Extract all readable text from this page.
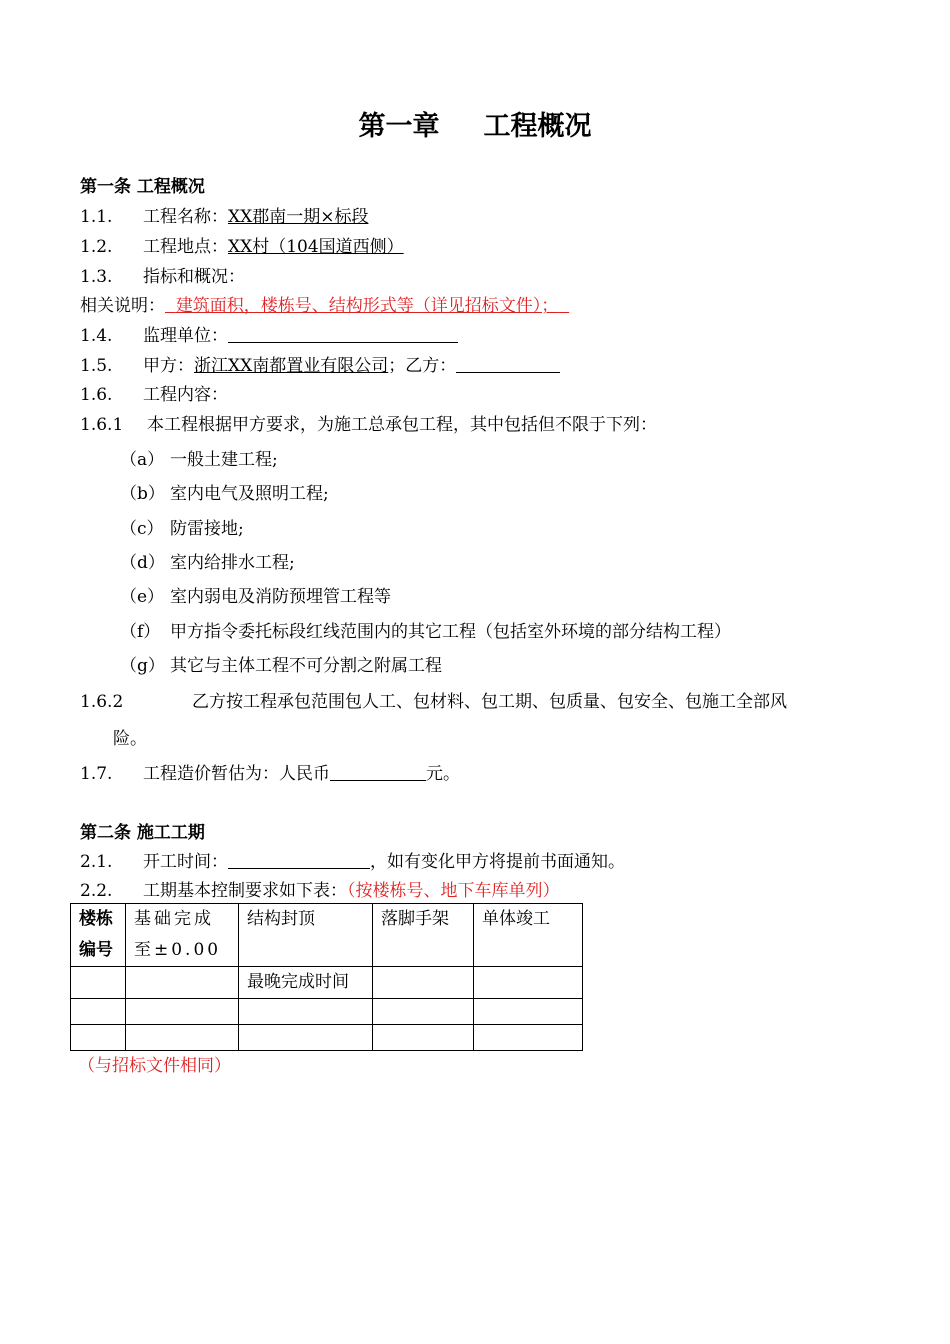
第一章 工程概况
第一条 工程概况
1.1. 工程名称：XX郡南一期×标段
1.2. 工程地点：XX村（104国道西侧）
1.3. 指标和概况：
相关说明： 建筑面积，楼栋号、结构形式等（详见招标文件）；
1.4. 监理单位：
1.5. 甲方：浙江XX南都置业有限公司；乙方：
1.6. 工程内容：
1.6.1 本工程根据甲方要求，为施工总承包工程，其中包括但不限于下列：
（a） 一般土建工程;
（b） 室内电气及照明工程;
（c） 防雷接地;
（d） 室内给排水工程;
（e） 室内弱电及消防预埋管工程等
（f） 甲方指令委托标段红线范围内的其它工程（包括室外环境的部分结构工程）
（g） 其它与主体工程不可分割之附属工程
1.6.2	乙方按工程承包范围包人工、包材料、包工期、包质量、包安全、包施工全部风
险。
1.7. 工程造价暂估为：人民币	元。
第二条 施工工期
2.1. 开工时间：	，如有变化甲方将提前书面通知。
2.2. 工期基本控制要求如下表：（按楼栋号、地下车库单列）
楼栋编号	基础完成至±0.00	结构封顶	落脚手架	单体竣工
		最晚完成时间		

（与招标文件相同）
